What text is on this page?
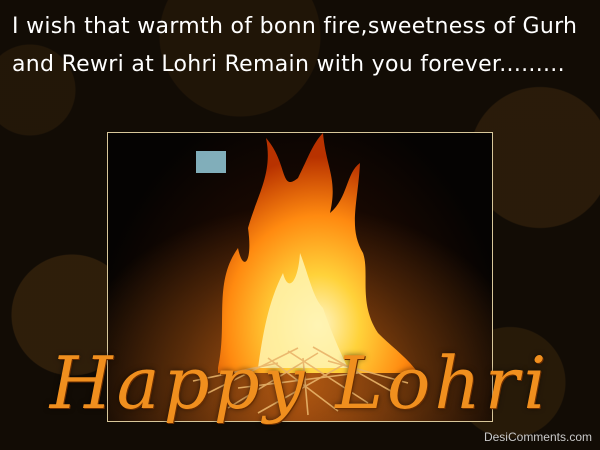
I wish that warmth of bonn fire,sweetness of Gurh and Rewri at Lohri Remain with you forever.........

Happy Lohri

DesiComments.com
